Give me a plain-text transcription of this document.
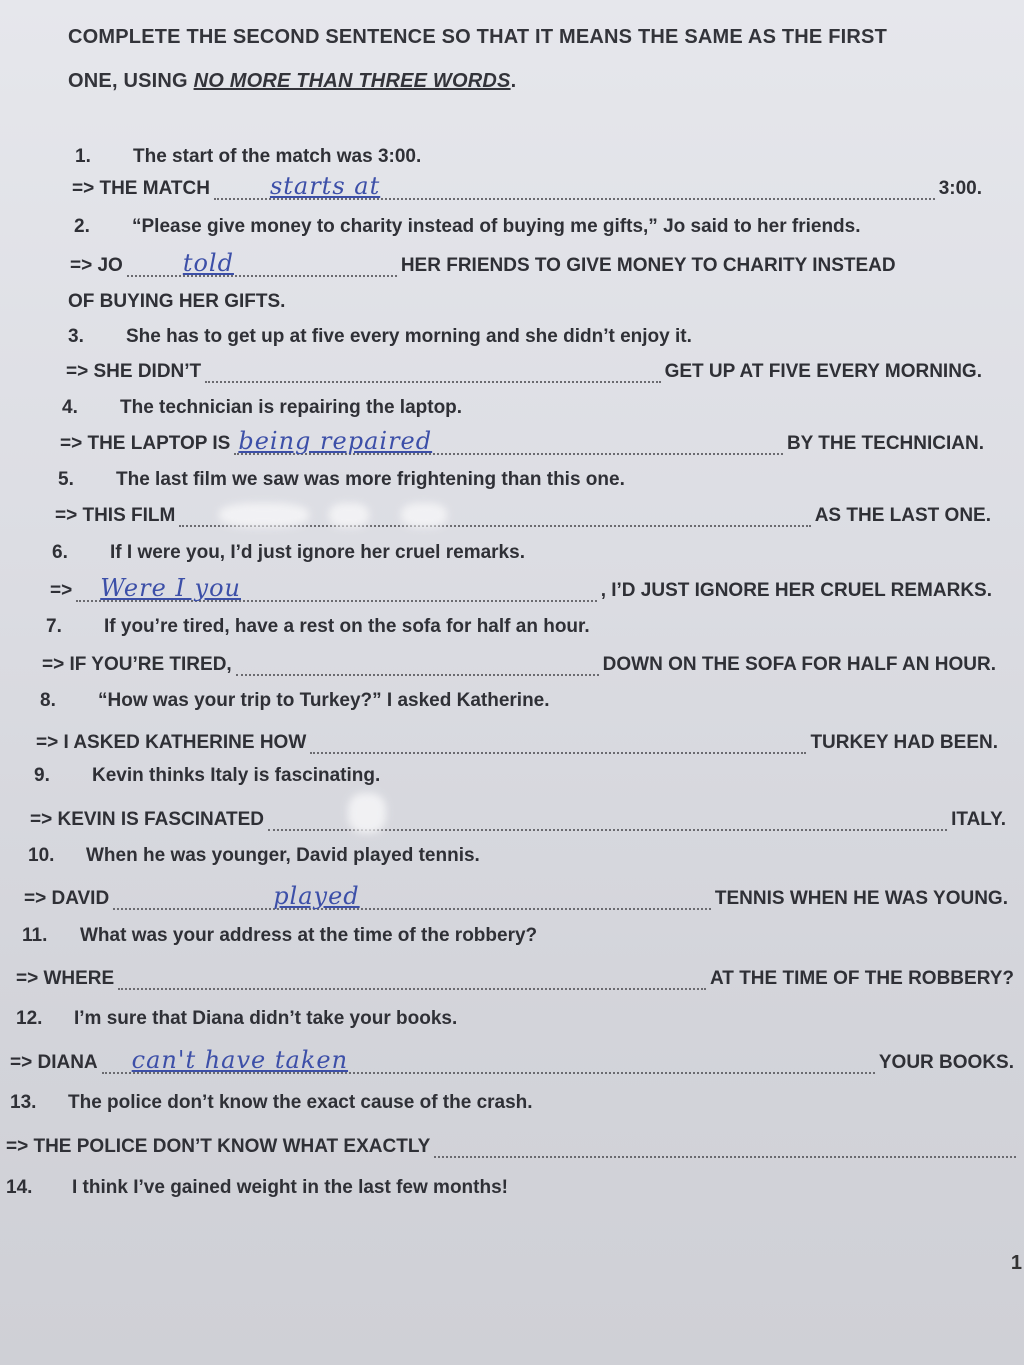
COMPLETE THE SECOND SENTENCE SO THAT IT MEANS THE SAME AS THE FIRST
ONE, USING NO MORE THAN THREE WORDS.
1.	The start of the match was 3:00.
=> THE MATCH	starts at	3:00.
2.	“Please give money to charity instead of buying me gifts,” Jo said to her friends.
=> JO	told	HER FRIENDS TO GIVE MONEY TO CHARITY INSTEAD
OF BUYING HER GIFTS.
3.	She has to get up at five every morning and she didn’t enjoy it.
=> SHE DIDN’T	GET UP AT FIVE EVERY MORNING.
4.	The technician is repairing the laptop.
=> THE LAPTOP IS being repaired	BY THE TECHNICIAN.
5.	The last film we saw was more frightening than this one.
=> THIS FILM	AS THE LAST ONE.
6.	If I were you, I’d just ignore her cruel remarks.
=> Were I you	, I’D JUST IGNORE HER CRUEL REMARKS.
7.	If you’re tired, have a rest on the sofa for half an hour.
=> IF YOU’RE TIRED,	DOWN ON THE SOFA FOR HALF AN HOUR.
8.	“How was your trip to Turkey?” I asked Katherine.
=> I ASKED KATHERINE HOW	TURKEY HAD BEEN.
9.	Kevin thinks Italy is fascinating.
=> KEVIN IS FASCINATED	ITALY.
10.	When he was younger, David played tennis.
=> DAVID	played	TENNIS WHEN HE WAS YOUNG.
11.	What was your address at the time of the robbery?
=> WHERE	AT THE TIME OF THE ROBBERY?
12.	I’m sure that Diana didn’t take your books.
=> DIANA can't have taken	YOUR BOOKS.
13.	The police don’t know the exact cause of the crash.
=> THE POLICE DON’T KNOW WHAT EXACTLY
14.	I think I’ve gained weight in the last few months!
1
